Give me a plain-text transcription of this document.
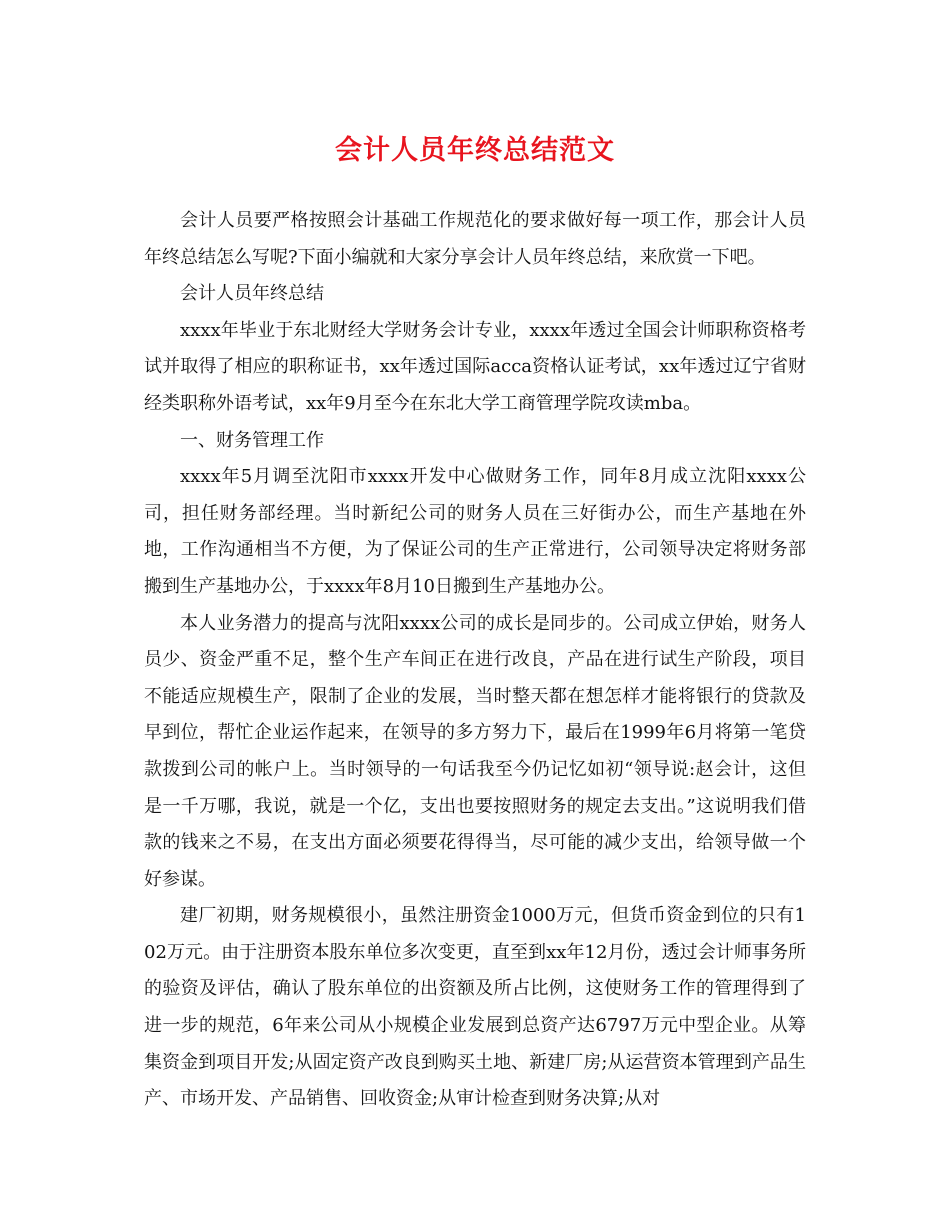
会计人员年终总结范文

会计人员要严格按照会计基础工作规范化的要求做好每一项工作，那会计人员年终总结怎么写呢?下面小编就和大家分享会计人员年终总结，来欣赏一下吧。

会计人员年终总结

xxxx年毕业于东北财经大学财务会计专业，xxxx年透过全国会计师职称资格考试并取得了相应的职称证书，xx年透过国际acca资格认证考试，xx年透过辽宁省财经类职称外语考试，xx年9月至今在东北大学工商管理学院攻读mba。

一、财务管理工作

xxxx年5月调至沈阳市xxxx开发中心做财务工作，同年8月成立沈阳xxxx公司，担任财务部经理。当时新纪公司的财务人员在三好街办公，而生产基地在外地，工作沟通相当不方便，为了保证公司的生产正常进行，公司领导决定将财务部搬到生产基地办公，于xxxx年8月10日搬到生产基地办公。

本人业务潜力的提高与沈阳xxxx公司的成长是同步的。公司成立伊始，财务人员少、资金严重不足，整个生产车间正在进行改良，产品在进行试生产阶段，项目不能适应规模生产，限制了企业的发展，当时整天都在想怎样才能将银行的贷款及早到位，帮忙企业运作起来，在领导的多方努力下，最后在1999年6月将第一笔贷款拨到公司的帐户上。当时领导的一句话我至今仍记忆如初“领导说:赵会计，这但是一千万哪，我说，就是一个亿，支出也要按照财务的规定去支出。”这说明我们借款的钱来之不易，在支出方面必须要花得得当，尽可能的减少支出，给领导做一个好参谋。

建厂初期，财务规模很小，虽然注册资金1000万元，但货币资金到位的只有102万元。由于注册资本股东单位多次变更，直至到xx年12月份，透过会计师事务所的验资及评估，确认了股东单位的出资额及所占比例，这使财务工作的管理得到了进一步的规范，6年来公司从小规模企业发展到总资产达6797万元中型企业。从筹集资金到项目开发;从固定资产改良到购买土地、新建厂房;从运营资本管理到产品生产、市场开发、产品销售、回收资金;从审计检查到财务决算;从对
